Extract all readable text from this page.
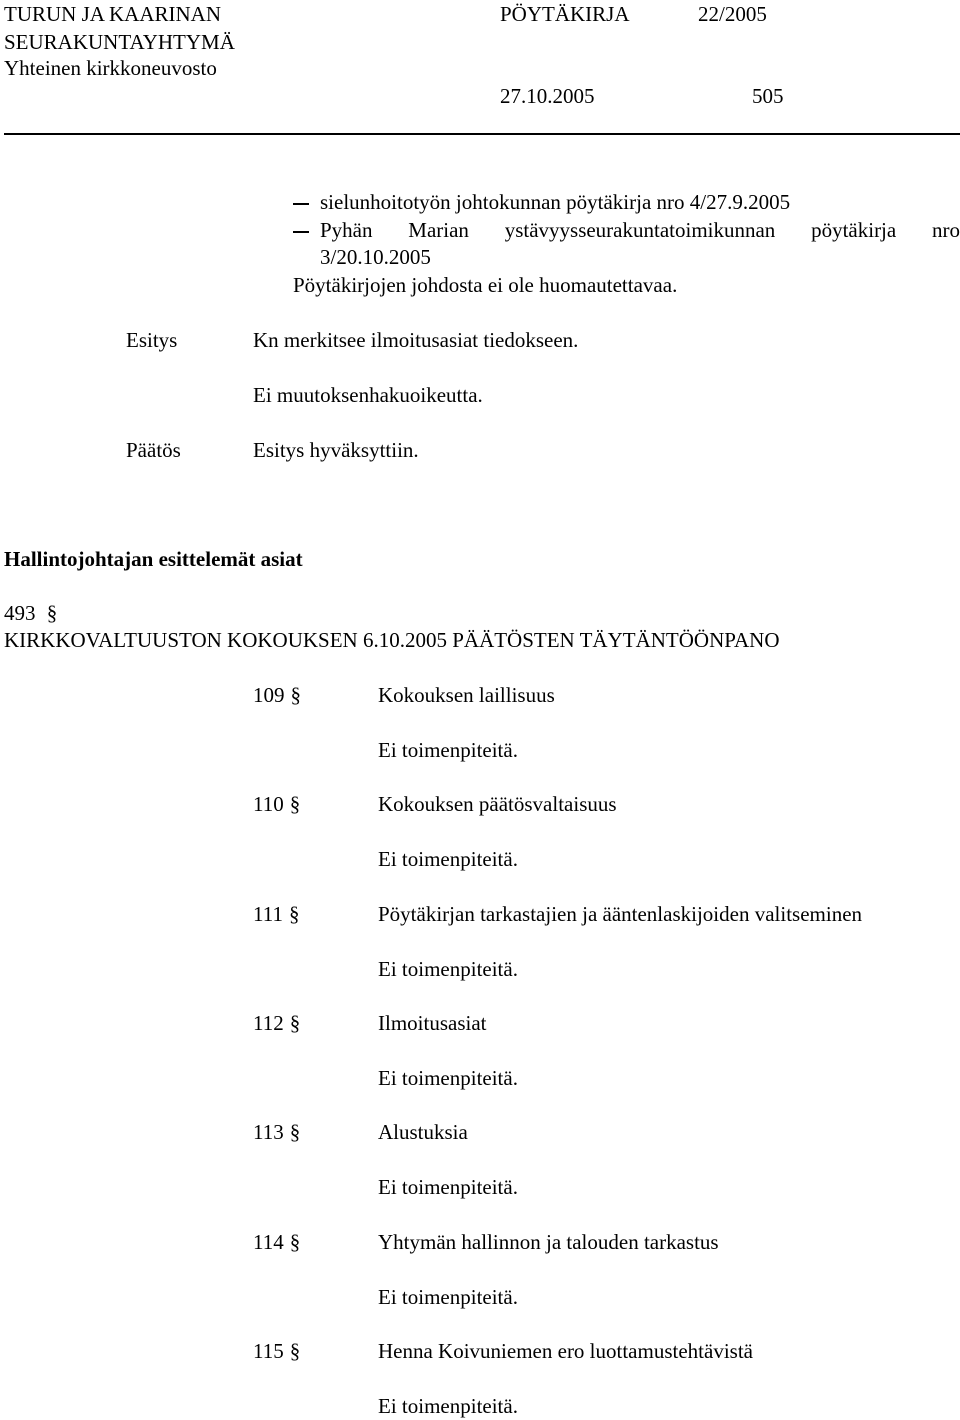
TURUN JA KAARINAN
SEURAKUNTAYHTYMÄ
Yhteinen kirkkoneuvosto
PÖYTÄKIRJA	22/2005
27.10.2005	505
sielunhoitotyön johtokunnan pöytäkirja nro 4/27.9.2005
Pyhän Marian ystävyysseurakuntatoimikunnan pöytäkirja nro
3/20.10.2005
Pöytäkirjojen johdosta ei ole huomautettavaa.
Esitys	Kn merkitsee ilmoitusasiat tiedokseen.
Ei muutoksenhakuoikeutta.
Päätös	Esitys hyväksyttiin.
Hallintojohtajan esittelemät asiat
493 §
KIRKKOVALTUUSTON KOKOUKSEN 6.10.2005 PÄÄTÖSTEN TÄYTÄNTÖÖNPANO
109 §	Kokouksen laillisuus
Ei toimenpiteitä.
110 §	Kokouksen päätösvaltaisuus
Ei toimenpiteitä.
111 §	Pöytäkirjan tarkastajien ja ääntenlaskijoiden valitseminen
Ei toimenpiteitä.
112 §	Ilmoitusasiat
Ei toimenpiteitä.
113 §	Alustuksia
Ei toimenpiteitä.
114 §	Yhtymän hallinnon ja talouden tarkastus
Ei toimenpiteitä.
115 §	Henna Koivuniemen ero luottamustehtävistä
Ei toimenpiteitä.
